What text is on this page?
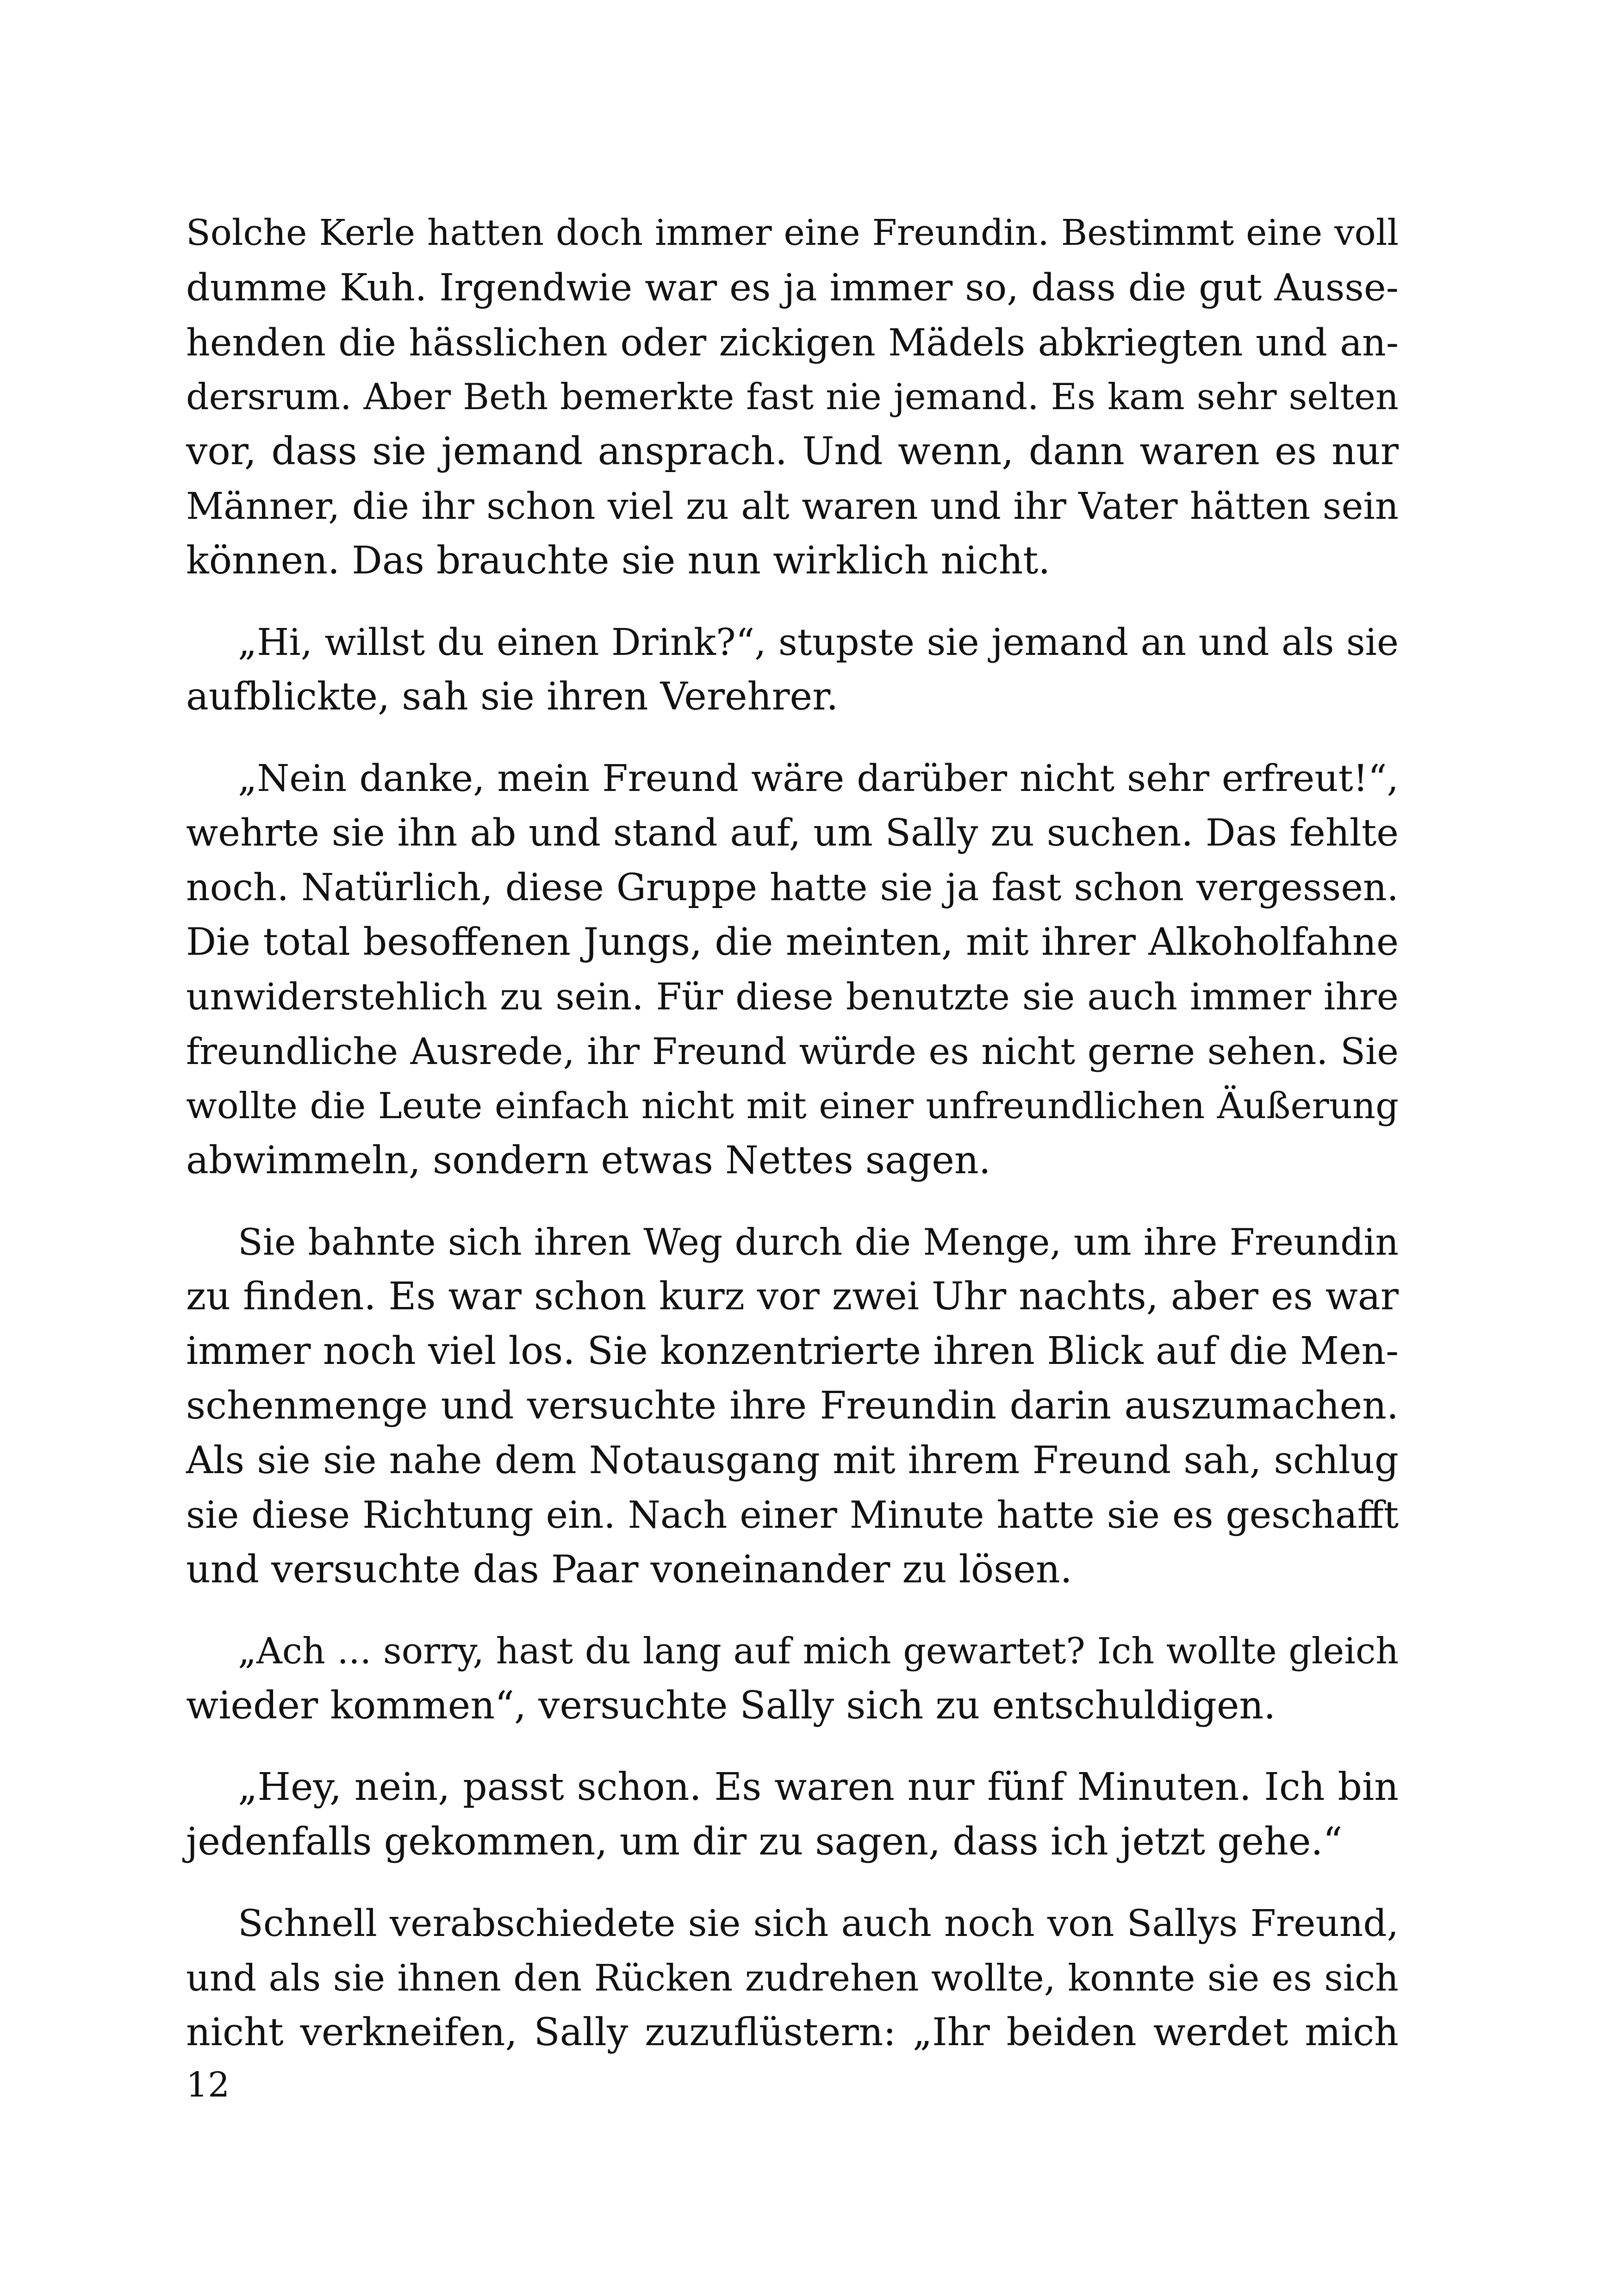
Solche Kerle hatten doch immer eine Freundin. Bestimmt eine voll
dumme Kuh. Irgendwie war es ja immer so, dass die gut Ausse-
henden die hässlichen oder zickigen Mädels abkriegten und an-
dersrum. Aber Beth bemerkte fast nie jemand. Es kam sehr selten
vor, dass sie jemand ansprach. Und wenn, dann waren es nur
Männer, die ihr schon viel zu alt waren und ihr Vater hätten sein
können. Das brauchte sie nun wirklich nicht.
„Hi, willst du einen Drink?“, stupste sie jemand an und als sie
aufblickte, sah sie ihren Verehrer.
„Nein danke, mein Freund wäre darüber nicht sehr erfreut!“,
wehrte sie ihn ab und stand auf, um Sally zu suchen. Das fehlte
noch. Natürlich, diese Gruppe hatte sie ja fast schon vergessen.
Die total besoffenen Jungs, die meinten, mit ihrer Alkoholfahne
unwiderstehlich zu sein. Für diese benutzte sie auch immer ihre
freundliche Ausrede, ihr Freund würde es nicht gerne sehen. Sie
wollte die Leute einfach nicht mit einer unfreundlichen Äußerung
abwimmeln, sondern etwas Nettes sagen.
Sie bahnte sich ihren Weg durch die Menge, um ihre Freundin
zu finden. Es war schon kurz vor zwei Uhr nachts, aber es war
immer noch viel los. Sie konzentrierte ihren Blick auf die Men-
schenmenge und versuchte ihre Freundin darin auszumachen.
Als sie sie nahe dem Notausgang mit ihrem Freund sah, schlug
sie diese Richtung ein. Nach einer Minute hatte sie es geschafft
und versuchte das Paar voneinander zu lösen.
„Ach ... sorry, hast du lang auf mich gewartet? Ich wollte gleich
wieder kommen“, versuchte Sally sich zu entschuldigen.
„Hey, nein, passt schon. Es waren nur fünf Minuten. Ich bin
jedenfalls gekommen, um dir zu sagen, dass ich jetzt gehe.“
Schnell verabschiedete sie sich auch noch von Sallys Freund,
und als sie ihnen den Rücken zudrehen wollte, konnte sie es sich
nicht verkneifen, Sally zuzuflüstern: „Ihr beiden werdet mich
12
